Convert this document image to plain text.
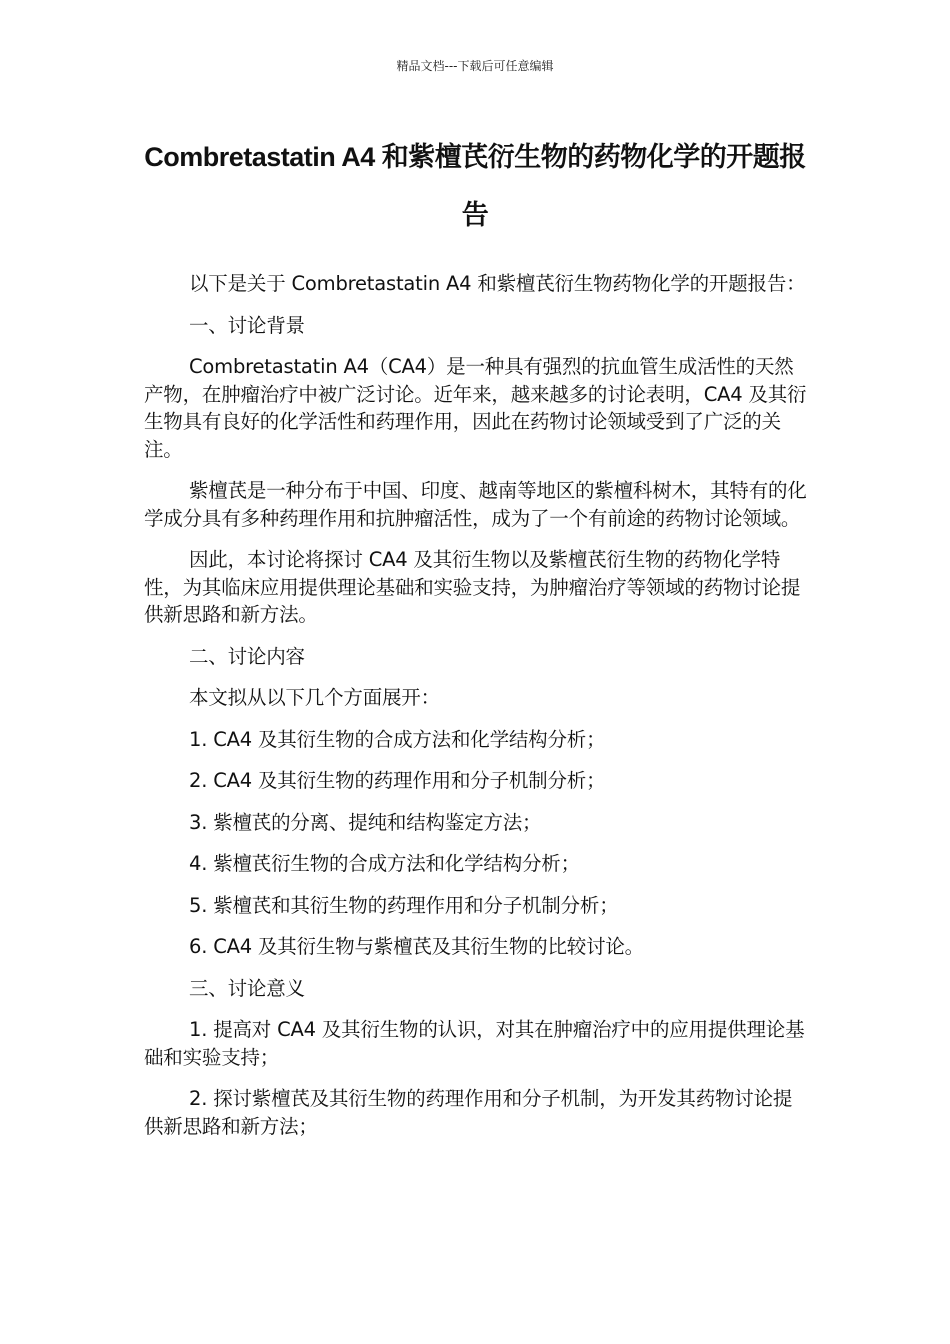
精品文档---下载后可任意编辑
Combretastatin A4 和紫檀芪衍生物的药物化学的开题报告

以下是关于 Combretastatin A4 和紫檀芪衍生物药物化学的开题报告：

一、讨论背景

Combretastatin A4（CA4）是一种具有强烈的抗血管生成活性的天然产物，在肿瘤治疗中被广泛讨论。近年来，越来越多的讨论表明，CA4 及其衍生物具有良好的化学活性和药理作用，因此在药物讨论领域受到了广泛的关注。

紫檀芪是一种分布于中国、印度、越南等地区的紫檀科树木，其特有的化学成分具有多种药理作用和抗肿瘤活性，成为了一个有前途的药物讨论领域。

因此，本讨论将探讨 CA4 及其衍生物以及紫檀芪衍生物的药物化学特性，为其临床应用提供理论基础和实验支持，为肿瘤治疗等领域的药物讨论提供新思路和新方法。

二、讨论内容

本文拟从以下几个方面展开：

1. CA4 及其衍生物的合成方法和化学结构分析；

2. CA4 及其衍生物的药理作用和分子机制分析；

3. 紫檀芪的分离、提纯和结构鉴定方法；

4. 紫檀芪衍生物的合成方法和化学结构分析；

5. 紫檀芪和其衍生物的药理作用和分子机制分析；

6. CA4 及其衍生物与紫檀芪及其衍生物的比较讨论。

三、讨论意义

1. 提高对 CA4 及其衍生物的认识，对其在肿瘤治疗中的应用提供理论基础和实验支持；

2. 探讨紫檀芪及其衍生物的药理作用和分子机制，为开发其药物讨论提供新思路和新方法；
